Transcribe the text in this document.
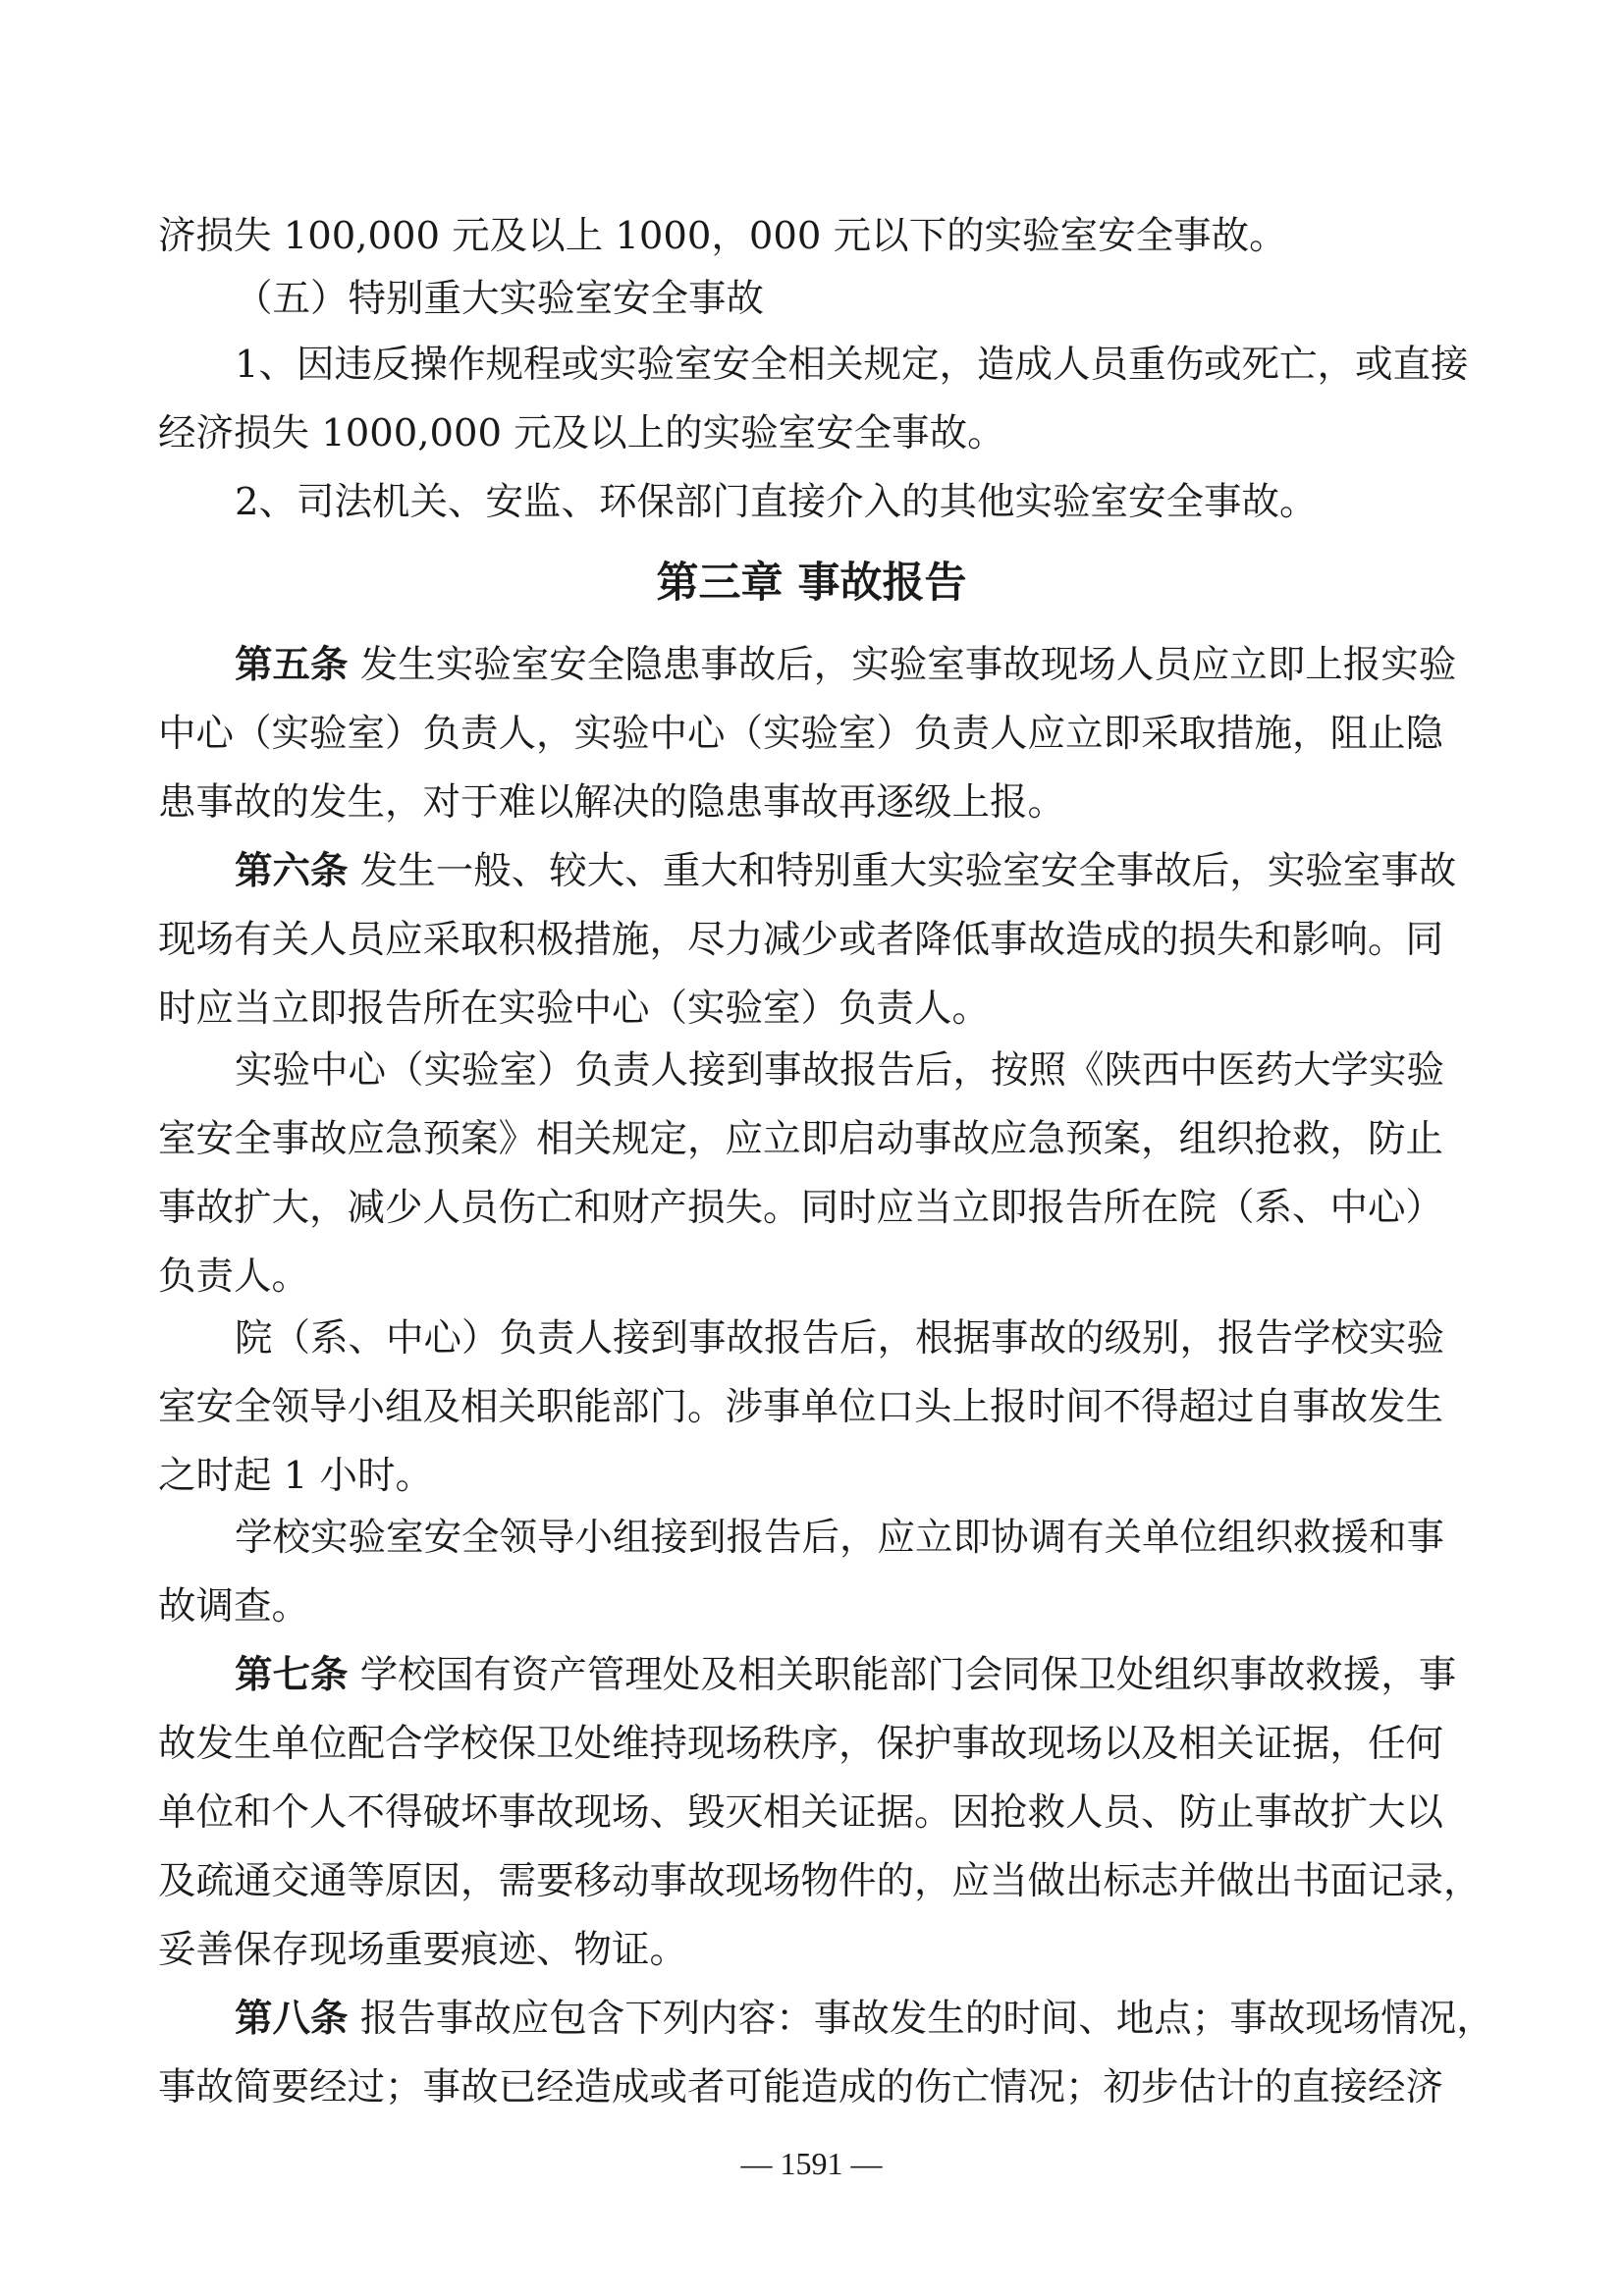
济损失 100,000 元及以上 1000，000 元以下的实验室安全事故。
（五）特别重大实验室安全事故
1、因违反操作规程或实验室安全相关规定，造成人员重伤或死亡，或直接
经济损失 1000,000 元及以上的实验室安全事故。
2、司法机关、安监、环保部门直接介入的其他实验室安全事故。
第三章 事故报告
第五条 发生实验室安全隐患事故后，实验室事故现场人员应立即上报实验
中心（实验室）负责人，实验中心（实验室）负责人应立即采取措施，阻止隐
患事故的发生，对于难以解决的隐患事故再逐级上报。
第六条 发生一般、较大、重大和特别重大实验室安全事故后，实验室事故
现场有关人员应采取积极措施，尽力减少或者降低事故造成的损失和影响。同
时应当立即报告所在实验中心（实验室）负责人。
实验中心（实验室）负责人接到事故报告后，按照《陕西中医药大学实验
室安全事故应急预案》相关规定，应立即启动事故应急预案，组织抢救，防止
事故扩大，减少人员伤亡和财产损失。同时应当立即报告所在院（系、中心）
负责人。
院（系、中心）负责人接到事故报告后，根据事故的级别，报告学校实验
室安全领导小组及相关职能部门。涉事单位口头上报时间不得超过自事故发生
之时起 1 小时。
学校实验室安全领导小组接到报告后，应立即协调有关单位组织救援和事
故调查。
第七条 学校国有资产管理处及相关职能部门会同保卫处组织事故救援，事
故发生单位配合学校保卫处维持现场秩序，保护事故现场以及相关证据，任何
单位和个人不得破坏事故现场、毁灭相关证据。因抢救人员、防止事故扩大以
及疏通交通等原因，需要移动事故现场物件的，应当做出标志并做出书面记录，
妥善保存现场重要痕迹、物证。
第八条 报告事故应包含下列内容：事故发生的时间、地点；事故现场情况，
事故简要经过；事故已经造成或者可能造成的伤亡情况；初步估计的直接经济
— 1591 —
